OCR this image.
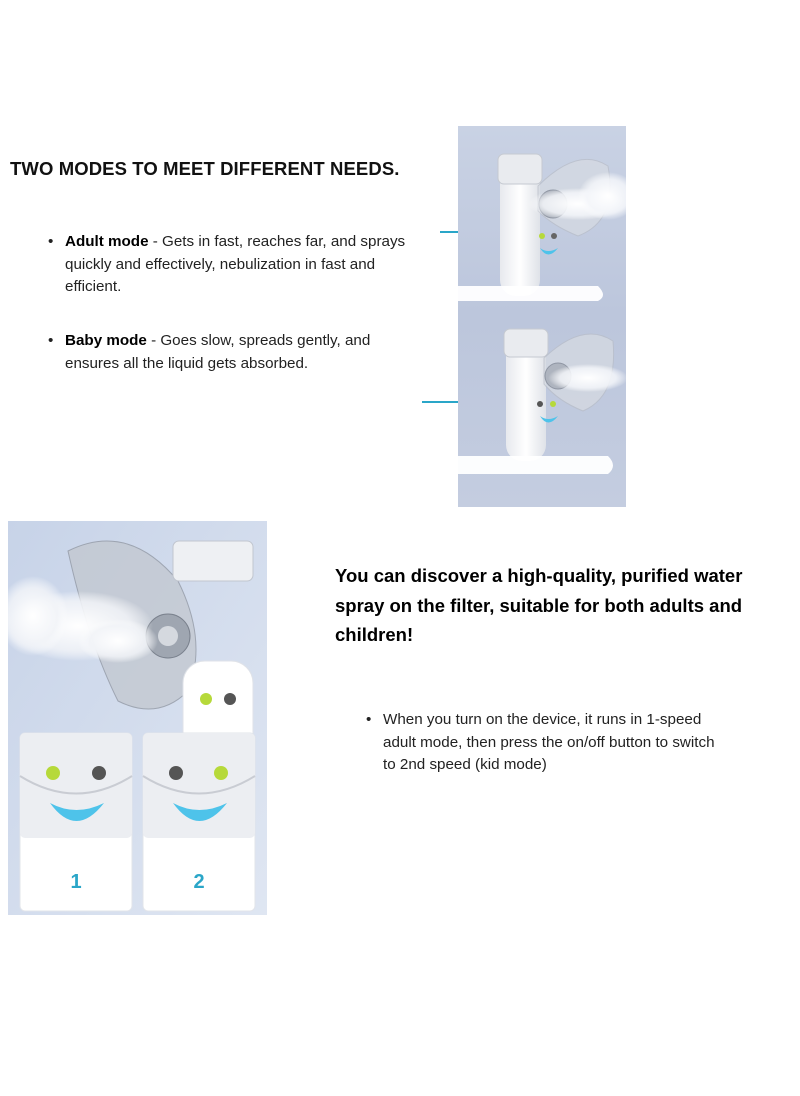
TWO MODES TO MEET DIFFERENT NEEDS.
• Adult mode - Gets in fast, reaches far, and sprays quickly and effectively, nebulization in fast and efficient.
• Baby mode - Goes slow, spreads gently, and ensures all the liquid gets absorbed.
You can discover a high-quality, purified water spray on the filter, suitable for both adults and children!
• When you turn on the device, it runs in 1-speed adult mode, then press the on/off button to switch to 2nd speed (kid mode)
1	2
